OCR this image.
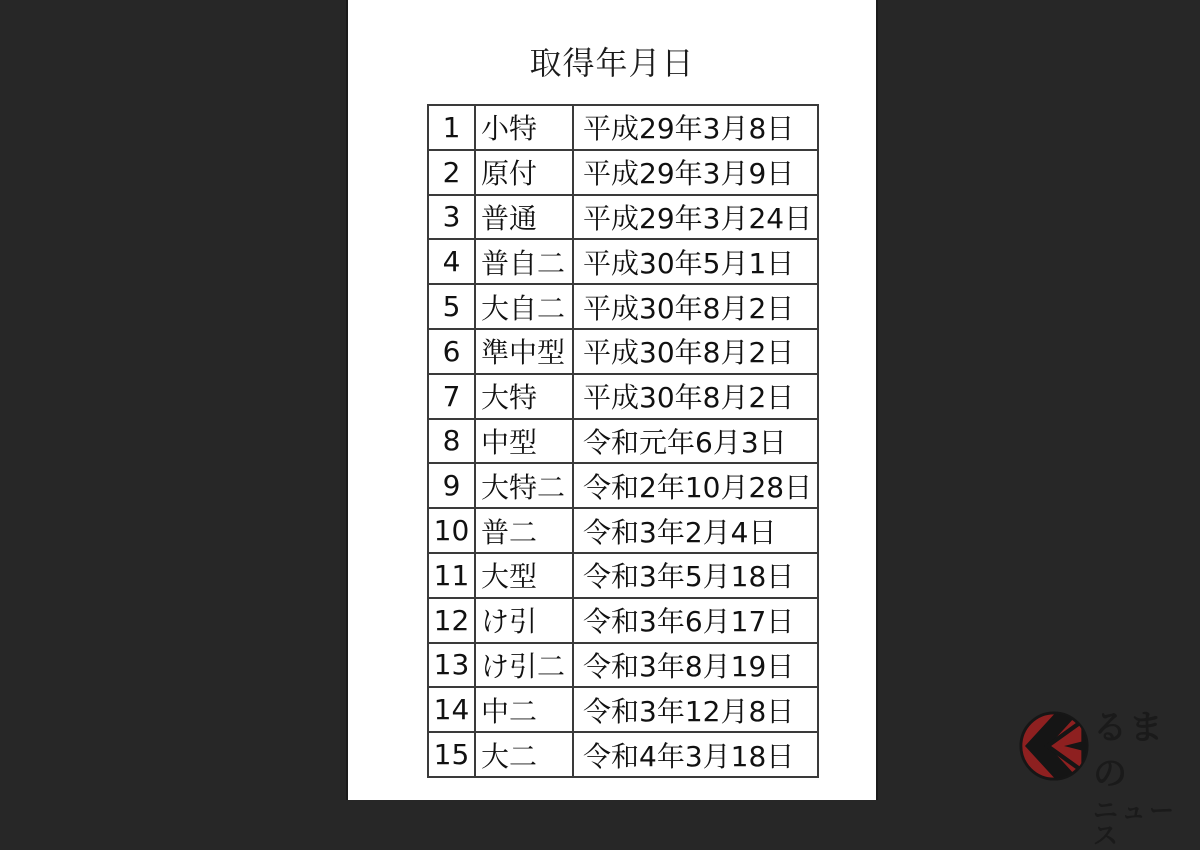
取得年月日
1	小特	平成29年3月8日
2	原付	平成29年3月9日
3	普通	平成29年3月24日
4	普自二	平成30年5月1日
5	大自二	平成30年8月2日
6	準中型	平成30年8月2日
7	大特	平成30年8月2日
8	中型	令和元年6月3日
9	大特二	令和2年10月28日
10	普二	令和3年2月4日
11	大型	令和3年5月18日
12	け引	令和3年6月17日
13	け引二	令和3年8月19日
14	中二	令和3年12月8日
15	大二	令和4年3月18日
るまの
ニュース
